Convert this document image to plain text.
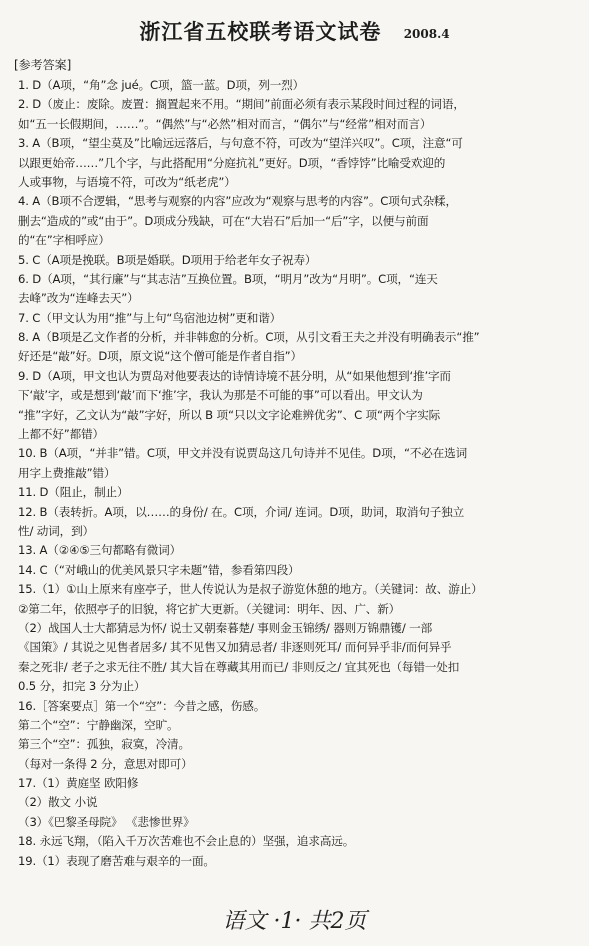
浙江省五校联考语文试卷 2008.4
[参考答案]
1. D（A项，“角”念 jué。C项，篮一蓝。D项，列一烈）
2. D（废止：废除。废置：搁置起来不用。“期间”前面必须有表示某段时间过程的词语，
如“五一长假期间，……”。“偶然”与“必然”相对而言，“偶尔”与“经常”相对而言）
3. A（B项，“望尘莫及”比喻远远落后，与句意不符，可改为“望洋兴叹”。C项，注意“可
以跟更始帝……”几个字，与此搭配用“分庭抗礼”更好。D项，“香饽饽”比喻受欢迎的
人或事物，与语境不符，可改为“纸老虎”）
4. A（B项不合逻辑，“思考与观察的内容”应改为“观察与思考的内容”。C项句式杂糅，
删去“造成的”或“由于”。D项成分残缺，可在“大岩石”后加一“后”字，以便与前面
的“在”字相呼应）
5. C（A项是挽联。B项是婚联。D项用于给老年女子祝寿）
6. D（A项，“其行廉”与“其志洁”互换位置。B项，“明月”改为“月明”。C项，“连天
去峰”改为“连峰去天”）
7. C（甲文认为用“推”与上句“鸟宿池边树”更和谐）
8. A（B项是乙文作者的分析，并非韩愈的分析。C项，从引文看王夫之并没有明确表示“推”
好还是“敲”好。D项，原文说“这个僧可能是作者自指”）
9. D（A项，甲文也认为贾岛对他要表达的诗情诗境不甚分明，从“如果他想到‘推’字而
下‘敲’字，或是想到‘敲’而下‘推’字，我认为那是不可能的事”可以看出。甲文认为
“推”字好，乙文认为“敲”字好，所以 B 项“只以文字论难辨优劣”、C 项“两个字实际
上都不好”都错）
10. B（A项，“并非”错。C项，甲文并没有说贾岛这几句诗并不见佳。D项，“不必在选词
用字上费推敲”错）
11. D（阻止，制止）
12. B（表转折。A项，以……的身份/ 在。C项，介词/ 连词。D项，助词，取消句子独立
性/ 动词，到）
13. A（②④⑤三句都略有微词）
14. C（“对峨山的优美风景只字未题”错，参看第四段）
15.（1）①山上原来有座亭子，世人传说认为是叔子游览休憩的地方。（关键词：故、游止）
②第二年，依照亭子的旧貌，将它扩大更新。（关键词：明年、因、广、新）
（2）战国人士大都猜忌为怀/ 说士又朝秦暮楚/ 事则金玉锦绣/ 器则万锦鼎镬/ 一部
《国策》/ 其说之见售者居多/ 其不见售又加猜忌者/ 非逐则死耳/ 而何异乎非/而何异乎
秦之死非/ 老子之求无往不胜/ 其大旨在尊藏其用而已/ 非则反之/ 宜其死也（每错一处扣
0.5 分，扣完 3 分为止）
16.［答案要点］第一个“空”：今昔之感，伤感。
第二个“空”：宁静幽深，空旷。
第三个“空”：孤独，寂寞，冷清。
（每对一条得 2 分，意思对即可）
17.（1）黄庭坚 欧阳修
（2）散文 小说
（3）《巴黎圣母院》 《悲惨世界》
18. 永远飞翔，（陷入千万次苦难也不会止息的）坚强，追求高远。
19.（1）表现了磨苦难与艰辛的一面。
语文 ·1· 共2页
